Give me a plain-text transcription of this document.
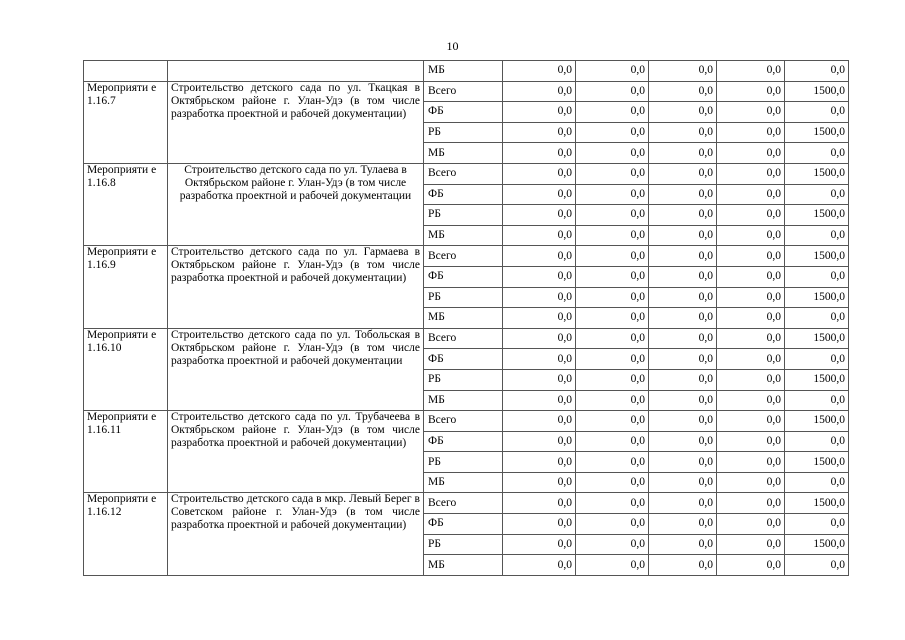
10
		МБ	0,0	0,0	0,0	0,0	0,0
Мероприяти е 1.16.7	Строительство детского сада по ул. Ткацкая в Октябрьском районе г. Улан-Удэ (в том числе разработка проектной и рабочей документации)	Всего	0,0	0,0	0,0	0,0	1500,0
		ФБ	0,0	0,0	0,0	0,0	0,0
		РБ	0,0	0,0	0,0	0,0	1500,0
		МБ	0,0	0,0	0,0	0,0	0,0
Мероприяти е 1.16.8	Строительство детского сада по ул. Тулаева в Октябрьском районе г. Улан-Удэ (в том числе разработка проектной и рабочей документации	Всего	0,0	0,0	0,0	0,0	1500,0
		ФБ	0,0	0,0	0,0	0,0	0,0
		РБ	0,0	0,0	0,0	0,0	1500,0
		МБ	0,0	0,0	0,0	0,0	0,0
Мероприяти е 1.16.9	Строительство детского сада по ул. Гармаева в Октябрьском районе г. Улан-Удэ (в том числе разработка проектной и рабочей документации)	Всего	0,0	0,0	0,0	0,0	1500,0
		ФБ	0,0	0,0	0,0	0,0	0,0
		РБ	0,0	0,0	0,0	0,0	1500,0
		МБ	0,0	0,0	0,0	0,0	0,0
Мероприяти е 1.16.10	Строительство детского сада по ул. Тобольская в Октябрьском районе г. Улан-Удэ (в том числе разработка проектной и рабочей документации	Всего	0,0	0,0	0,0	0,0	1500,0
		ФБ	0,0	0,0	0,0	0,0	0,0
		РБ	0,0	0,0	0,0	0,0	1500,0
		МБ	0,0	0,0	0,0	0,0	0,0
Мероприяти е 1.16.11	Строительство детского сада по ул. Трубачеева в Октябрьском районе г. Улан-Удэ (в том числе разработка проектной и рабочей документации)	Всего	0,0	0,0	0,0	0,0	1500,0
		ФБ	0,0	0,0	0,0	0,0	0,0
		РБ	0,0	0,0	0,0	0,0	1500,0
		МБ	0,0	0,0	0,0	0,0	0,0
Мероприяти е 1.16.12	Строительство детского сада в мкр. Левый Берег в Советском районе г. Улан-Удэ (в том числе разработка проектной и рабочей документации)	Всего	0,0	0,0	0,0	0,0	1500,0
		ФБ	0,0	0,0	0,0	0,0	0,0
		РБ	0,0	0,0	0,0	0,0	1500,0
		МБ	0,0	0,0	0,0	0,0	0,0
